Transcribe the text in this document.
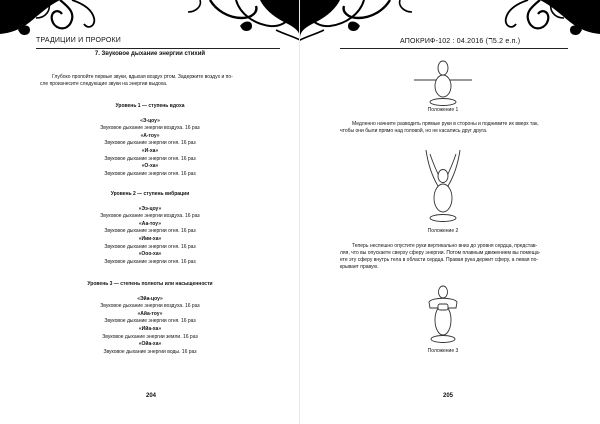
ТРАДИЦИИ И ПРОРОКИ
7. Звуковое дыхание энергии стихий
Глубоко пропойте первые звуки, вдыхая воздух ртом. Задержите воздух и по-
сле произнесите следующие звуки на энергии выдоха.
Уровень 1 — ступень вдоха
«Э-цоу»
Звуковое дыхание энергии воздуха. 16 раз
«А-тоу»
Звуковое дыхание энергии огня. 16 раз
«И-ха»
Звуковое дыхание энергии огня. 16 раз
«О-ха»
Звуковое дыхание энергии огня. 16 раз
Уровень 2 — ступень вибрации
«Ээ-цоу»
Звуковое дыхание энергии воздуха. 16 раз
«Аа-тоу»
Звуковое дыхание энергии огня. 16 раз
«Иии-ха»
Звуковое дыхание энергии огня. 16 раз
«Ооо-ха»
Звуковое дыхание энергии огня. 16 раз
Уровень 3 — степень полноты или насыщенности
«Эйа-цоу»
Звуковое дыхание энергии воздуха. 16 раз
«Айа-тоу»
Звуковое дыхание энергии огня. 16 раз
«Ийа-ха»
Звуковое дыхание энергии земли. 16 раз
«Ойа-ха»
Звуковое дыхание энергии воды. 16 раз
204
АПОКРИФ-102 : 04.2016 (ℸ5.2 е.п.)
Положение 1
Медленно начните разводить прямые руки в стороны и поднимите их вверх так,
чтобы они были прямо над головой, но не касались друг друга.
Положение 2
Теперь неспешно опустите руки вертикально вниз до уровня сердца, представ-
ляя, что вы опускаете сверху сферу энергии. Потом плавным движением вы помеща-
ете эту сферу внутрь тела в области сердца. Правая рука держит сферу, а левая по-
крывает правую.
Положение 3
205
